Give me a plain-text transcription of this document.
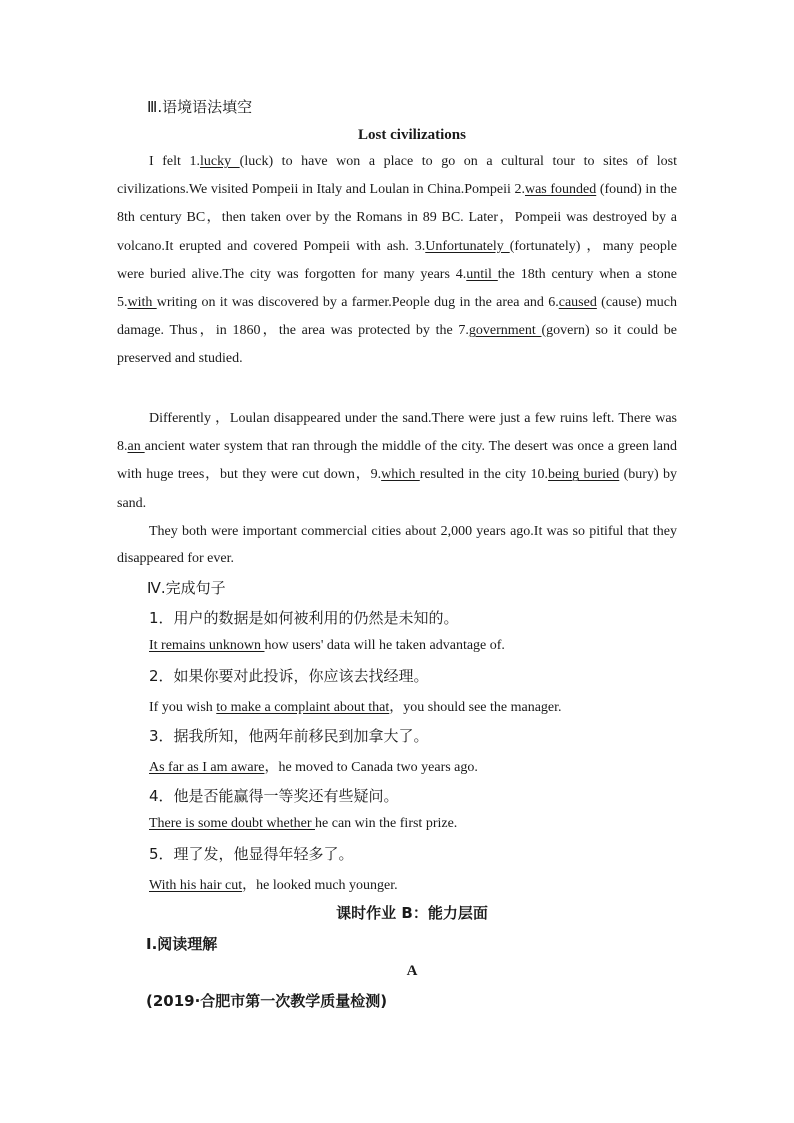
Ⅲ.语境语法填空
Lost civilizations
I felt 1.lucky (luck) to have won a place to go on a cultural tour to sites of lost civilizations.We visited Pompeii in Italy and Loulan in China.Pompeii 2.was founded (found) in the 8th century BC，then taken over by the Romans in 89 BC. Later，Pompeii was destroyed by a volcano.It erupted and covered Pompeii with ash. 3.Unfortunately (fortunately) ，many people were buried alive.The city was forgotten for many years 4.until the 18th century when a stone 5.with writing on it was discovered by a farmer.People dug in the area and 6.caused (cause) much damage. Thus，in 1860，the area was protected by the 7.government (govern) so it could be preserved and studied.
Differently ，Loulan disappeared under the sand.There were just a few ruins left. There was 8.an ancient water system that ran through the middle of the city. The desert was once a green land with huge trees，but they were cut down，9.which resulted in the city 10.being buried (bury) by sand.
They both were important commercial cities about 2,000 years ago.It was so pitiful that they disappeared for ever.
Ⅳ.完成句子
1．用户的数据是如何被利用的仍然是未知的。
It remains unknown how users' data will he taken advantage of.
2．如果你要对此投诉，你应该去找经理。
If you wish to make a complaint about that，you should see the manager.
3．据我所知，他两年前移民到加拿大了。
As far as I am aware，he moved to Canada two years ago.
4．他是否能赢得一等奖还有些疑问。
There is some doubt whether he can win the first prize.
5．理了发，他显得年轻多了。
With his hair cut，he looked much younger.
课时作业 B：能力层面
Ⅰ.阅读理解
A
(2019·合肥市第一次教学质量检测)
